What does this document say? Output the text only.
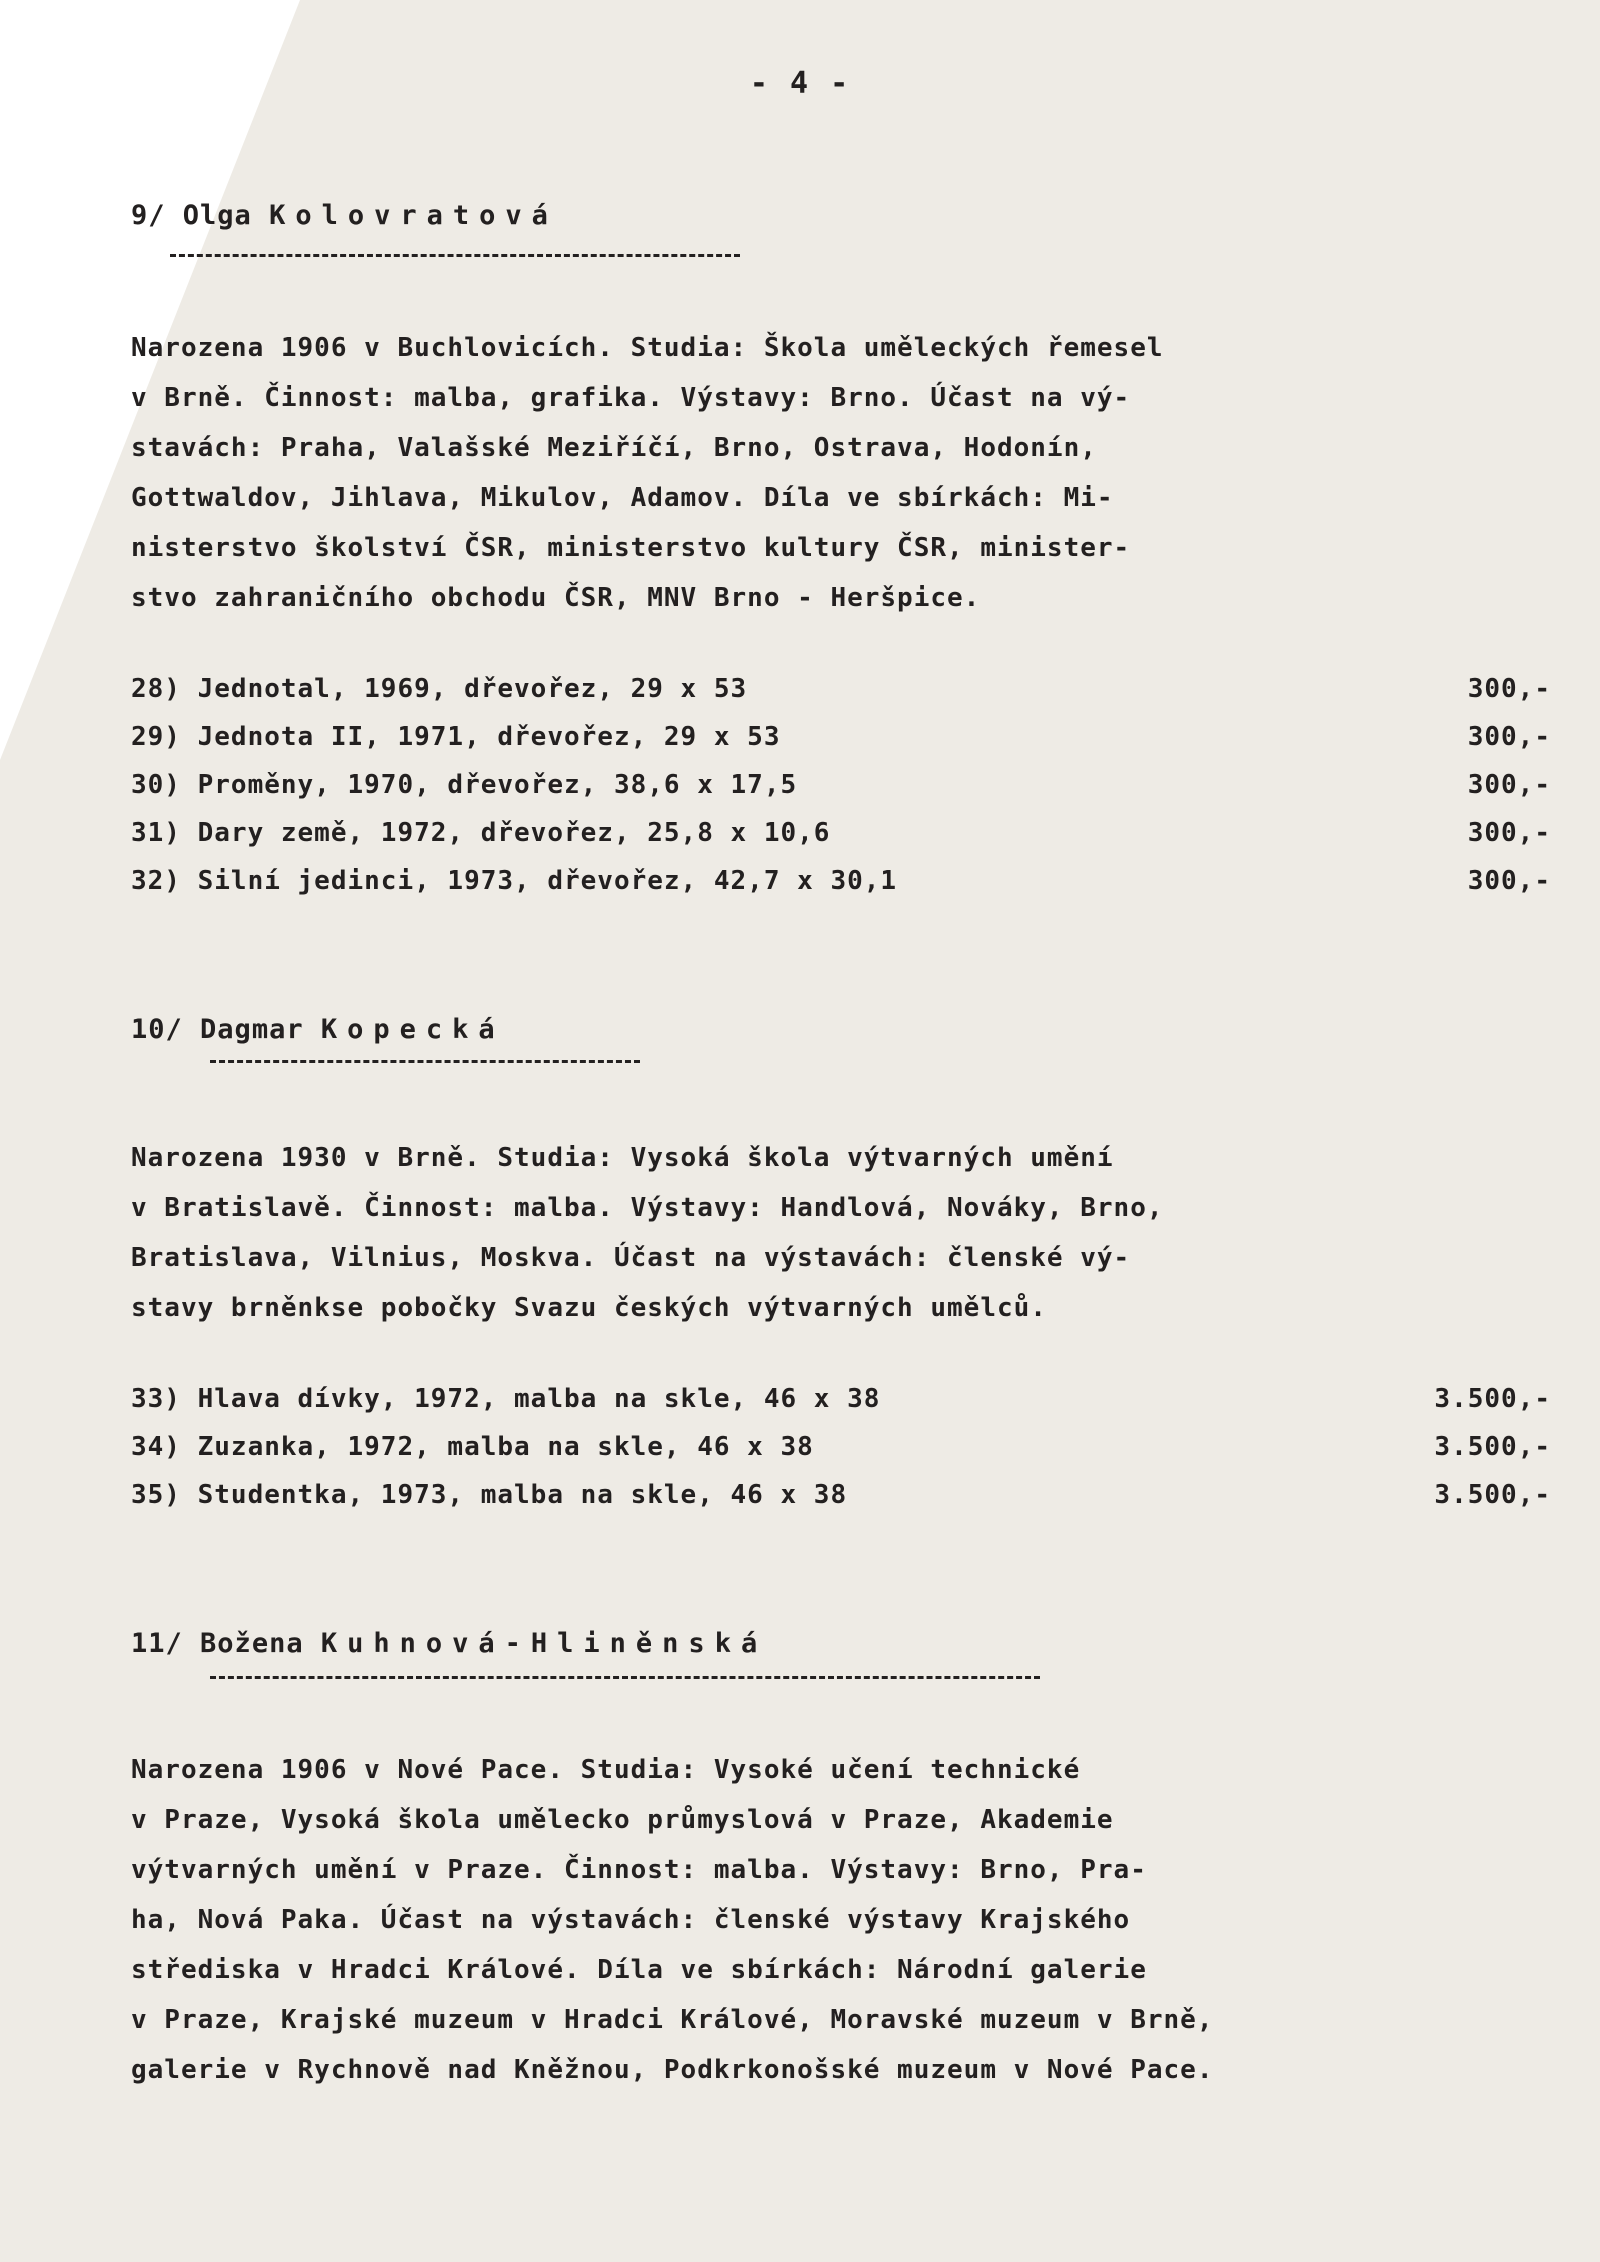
- 4 -
9/ Olga Kolovratová
Narozena 1906 v Buchlovicích. Studia: Škola uměleckých řemesel
v Brně. Činnost: malba, grafika. Výstavy: Brno. Účast na vý-
stavách: Praha, Valašské Meziříčí, Brno, Ostrava, Hodonín,
Gottwaldov, Jihlava, Mikulov, Adamov. Díla ve sbírkách: Mi-
nisterstvo školství ČSR, ministerstvo kultury ČSR, minister-
stvo zahraničního obchodu ČSR, MNV Brno - Heršpice.
28) Jednotal, 1969, dřevořez, 29 x 53	300,-
29) Jednota II, 1971, dřevořez, 29 x 53	300,-
30) Proměny, 1970, dřevořez, 38,6 x 17,5	300,-
31) Dary země, 1972, dřevořez, 25,8 x 10,6	300,-
32) Silní jedinci, 1973, dřevořez, 42,7 x 30,1	300,-
10/ Dagmar Kopecká
Narozena 1930 v Brně. Studia: Vysoká škola výtvarných umění
v Bratislavě. Činnost: malba. Výstavy: Handlová, Nováky, Brno,
Bratislava, Vilnius, Moskva. Účast na výstavách: členské vý-
stavy brněnkse pobočky Svazu českých výtvarných umělců.
33) Hlava dívky, 1972, malba na skle, 46 x 38	3.500,-
34) Zuzanka, 1972, malba na skle, 46 x 38	3.500,-
35) Studentka, 1973, malba na skle, 46 x 38	3.500,-
11/ Božena Kuhnová-Hliněnská
Narozena 1906 v Nové Pace. Studia: Vysoké učení technické
v Praze, Vysoká škola umělecko průmyslová v Praze, Akademie
výtvarných umění v Praze. Činnost: malba. Výstavy: Brno, Pra-
ha, Nová Paka. Účast na výstavách: členské výstavy Krajského
střediska v Hradci Králové. Díla ve sbírkách: Národní galerie
v Praze, Krajské muzeum v Hradci Králové, Moravské muzeum v Brně,
galerie v Rychnově nad Kněžnou, Podkrkonošské muzeum v Nové Pace.
